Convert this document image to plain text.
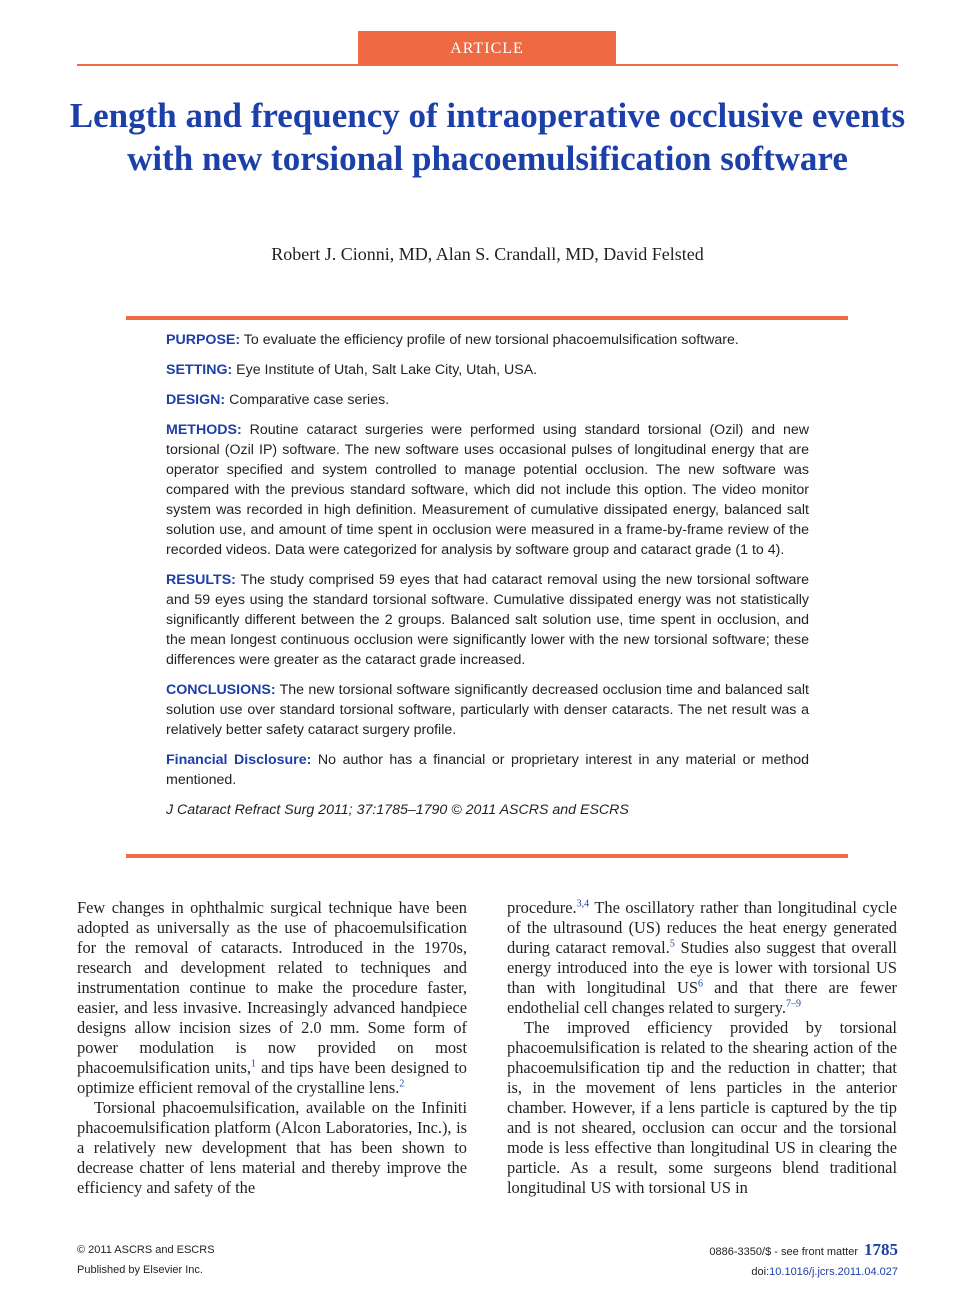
ARTICLE
Length and frequency of intraoperative occlusive events with new torsional phacoemulsification software
Robert J. Cionni, MD, Alan S. Crandall, MD, David Felsted

PURPOSE: To evaluate the efficiency profile of new torsional phacoemulsification software.

SETTING: Eye Institute of Utah, Salt Lake City, Utah, USA.

DESIGN: Comparative case series.

METHODS: Routine cataract surgeries were performed using standard torsional (Ozil) and new torsional (Ozil IP) software. The new software uses occasional pulses of longitudinal energy that are operator specified and system controlled to manage potential occlusion. The new software was compared with the previous standard software, which did not include this option. The video monitor system was recorded in high definition. Measurement of cumulative dissipated energy, balanced salt solution use, and amount of time spent in occlusion were measured in a frame-by-frame review of the recorded videos. Data were categorized for analysis by software group and cataract grade (1 to 4).

RESULTS: The study comprised 59 eyes that had cataract removal using the new torsional software and 59 eyes using the standard torsional software. Cumulative dissipated energy was not statistically significantly different between the 2 groups. Balanced salt solution use, time spent in occlusion, and the mean longest continuous occlusion were significantly lower with the new torsional software; these differences were greater as the cataract grade increased.

CONCLUSIONS: The new torsional software significantly decreased occlusion time and balanced salt solution use over standard torsional software, particularly with denser cataracts. The net result was a relatively better safety cataract surgery profile.

Financial Disclosure: No author has a financial or proprietary interest in any material or method mentioned.

J Cataract Refract Surg 2011; 37:1785–1790 © 2011 ASCRS and ESCRS

Few changes in ophthalmic surgical technique have been adopted as universally as the use of phacoemulsification for the removal of cataracts. Introduced in the 1970s, research and development related to techniques and instrumentation continue to make the procedure faster, easier, and less invasive. Increasingly advanced handpiece designs allow incision sizes of 2.0 mm. Some form of power modulation is now provided on most phacoemulsification units,$^1$ and tips have been designed to optimize efficient removal of the crystalline lens.$^2$

Torsional phacoemulsification, available on the Infiniti phacoemulsification platform (Alcon Laboratories, Inc.), is a relatively new development that has been shown to decrease chatter of lens material and thereby improve the efficiency and safety of the

procedure.$^{3,4}$ The oscillatory rather than longitudinal cycle of the ultrasound (US) reduces the heat energy generated during cataract removal.$^5$ Studies also suggest that overall energy introduced into the eye is lower with torsional US than with longitudinal $US^6$ and that there are fewer endothelial cell changes related to surgery.$^{7-9}$

The improved efficiency provided by torsional phacoemulsification is related to the shearing action of the phacoemulsification tip and the reduction in chatter; that is, in the movement of lens particles in the anterior chamber. However, if a lens particle is captured by the tip and is not sheared, occlusion can occur and the torsional mode is less effective than longitudinal US in clearing the particle. As a result, some surgeons blend traditional longitudinal US with torsional US in

© 2011 ASCRS and ESCRS
Published by Elsevier Inc.
0886-3350/$ - see front matter 1785
doi:10.1016/j.jcrs.2011.04.027
